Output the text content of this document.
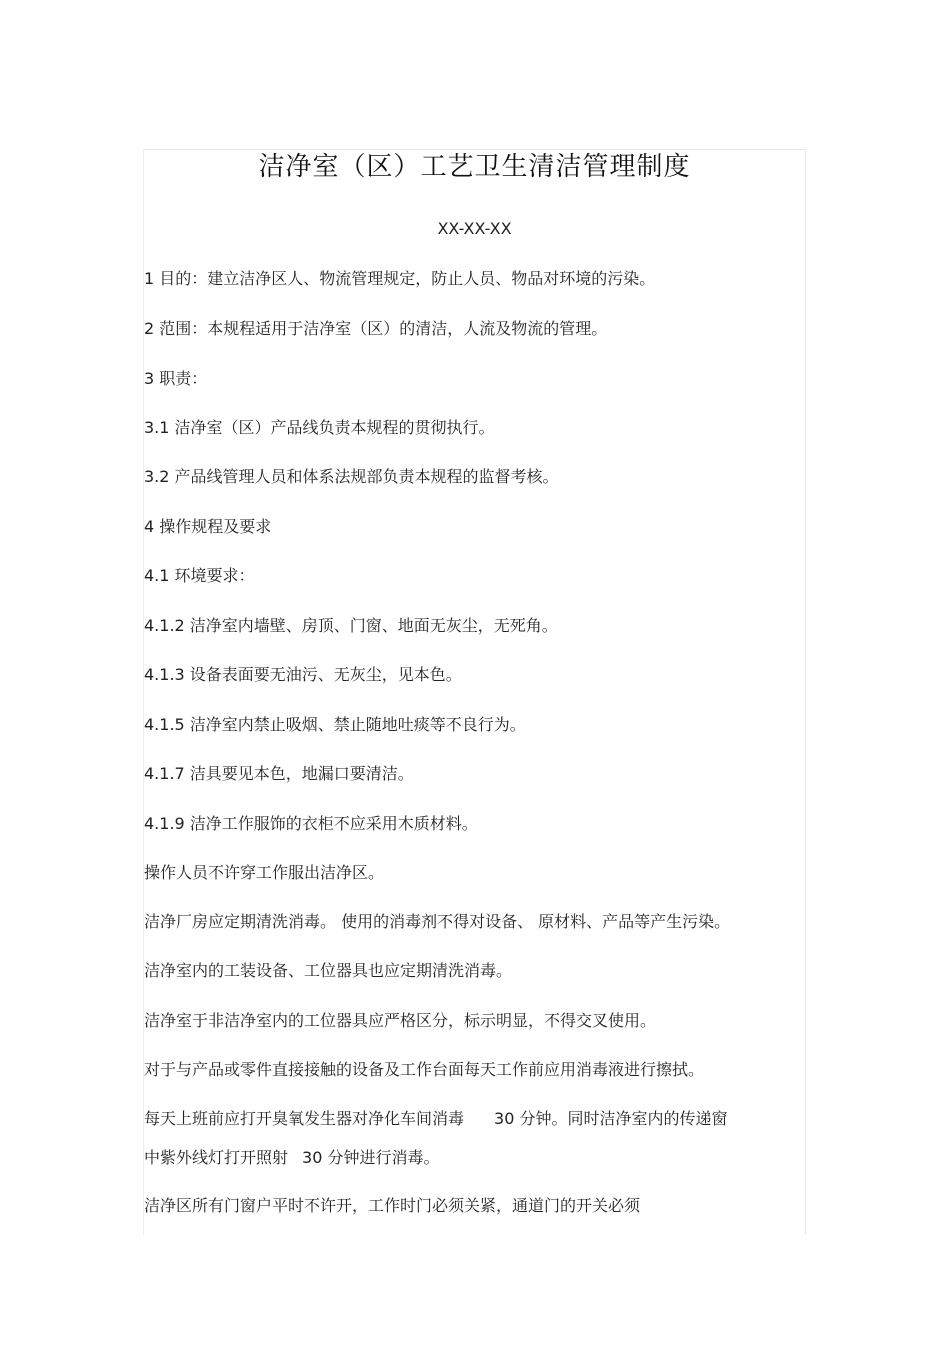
洁净室（区）工艺卫生清洁管理制度
XX-XX-XX
1 目的：建立洁净区人、物流管理规定，防止人员、物品对环境的污染。
2 范围：本规程适用于洁净室（区）的清洁，人流及物流的管理。
3 职责：
3.1 洁净室（区）产品线负责本规程的贯彻执行。
3.2 产品线管理人员和体系法规部负责本规程的监督考核。
4 操作规程及要求
4.1 环境要求：
4.1.2 洁净室内墙壁、房顶、门窗、地面无灰尘，无死角。
4.1.3 设备表面要无油污、无灰尘，见本色。
4.1.5 洁净室内禁止吸烟、禁止随地吐痰等不良行为。
4.1.7 洁具要见本色，地漏口要清洁。
4.1.9 洁净工作服饰的衣柜不应采用木质材料。
操作人员不许穿工作服出洁净区。
洁净厂房应定期清洗消毒。 使用的消毒剂不得对设备、 原材料、产品等产生污染。
洁净室内的工装设备、工位器具也应定期清洗消毒。
洁净室于非洁净室内的工位器具应严格区分，标示明显，不得交叉使用。
对于与产品或零件直接接触的设备及工作台面每天工作前应用消毒液进行擦拭。
每天上班前应打开臭氧发生器对净化车间消毒 30 分钟。同时洁净室内的传递窗
中紫外线灯打开照射 30 分钟进行消毒。
洁净区所有门窗户平时不许开，工作时门必须关紧，通道门的开关必须
